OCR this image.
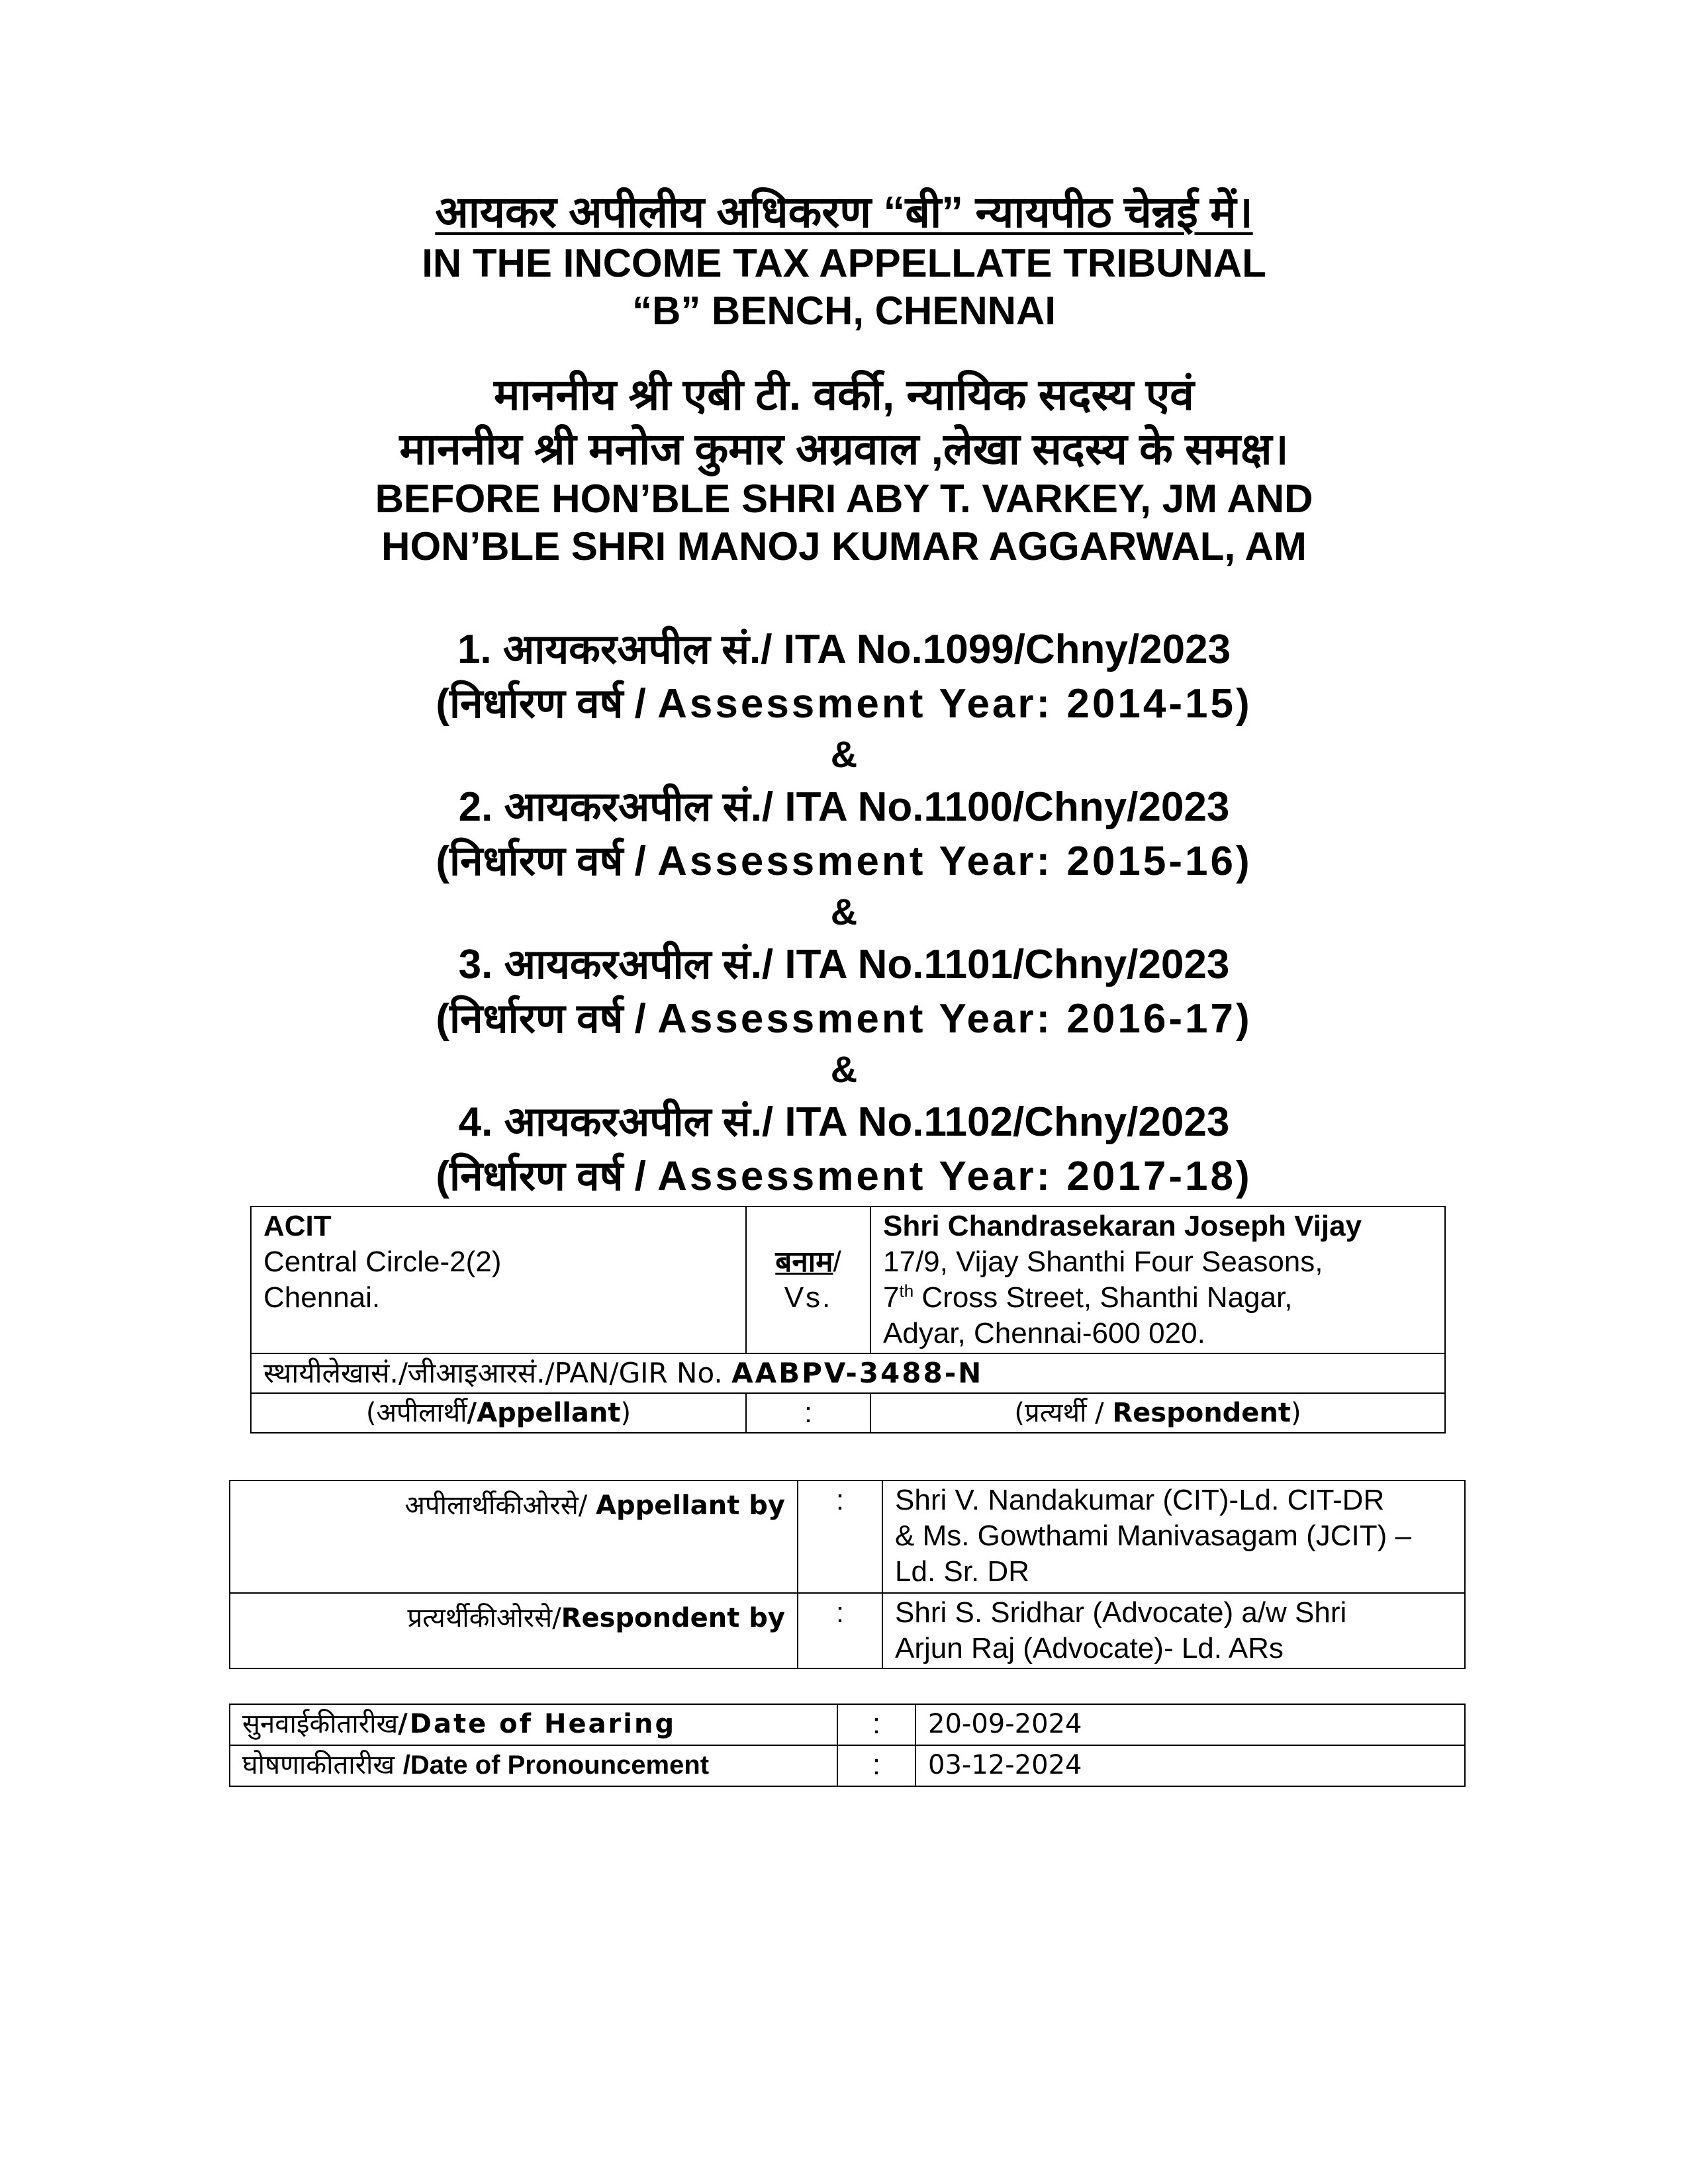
आयकर अपीलीय अधिकरण “बी” न्यायपीठ चेन्नई में।
IN THE INCOME TAX APPELLATE TRIBUNAL
“B” BENCH, CHENNAI
माननीय श्री एबी टी. वर्की, न्यायिक सदस्य एवं
माननीय श्री मनोज कुमार अग्रवाल ,लेखा सदस्य के समक्ष।
BEFORE HON’BLE SHRI ABY T. VARKEY, JM AND
HON’BLE SHRI MANOJ KUMAR AGGARWAL, AM
1. आयकरअपील सं./ ITA No.1099/Chny/2023
(निर्धारण वर्ष / Assessment Year: 2014-15)
&
2. आयकरअपील सं./ ITA No.1100/Chny/2023
(निर्धारण वर्ष / Assessment Year: 2015-16)
&
3. आयकरअपील सं./ ITA No.1101/Chny/2023
(निर्धारण वर्ष / Assessment Year: 2016-17)
&
4. आयकरअपील सं./ ITA No.1102/Chny/2023
(निर्धारण वर्ष / Assessment Year: 2017-18)
ACIT
Central Circle-2(2)
Chennai.

बनाम/
Vs.

Shri Chandrasekaran Joseph Vijay
17/9, Vijay Shanthi Four Seasons,
7th Cross Street, Shanthi Nagar,
Adyar, Chennai-600 020.

स्थायीलेखासं./जीआइआरसं./PAN/GIR No. AABPV-3488-N		
(अपीलार्थी/Appellant)	:	(प्रत्यर्थी / Respondent)
अपीलार्थीकीओरसे/ Appellant by	:	Shri V. Nandakumar (CIT)-Ld. CIT-DR
& Ms. Gowthami Manivasagam (JCIT) –
Ld. Sr. DR

प्रत्यर्थीकीओरसे/Respondent by	:	Shri S. Sridhar (Advocate) a/w Shri
Arjun Raj (Advocate)- Ld. ARs
सुनवाईकीतारीख/Date of Hearing	:	20-09-2024
घोषणाकीतारीख /Date of Pronouncement	:	03-12-2024
